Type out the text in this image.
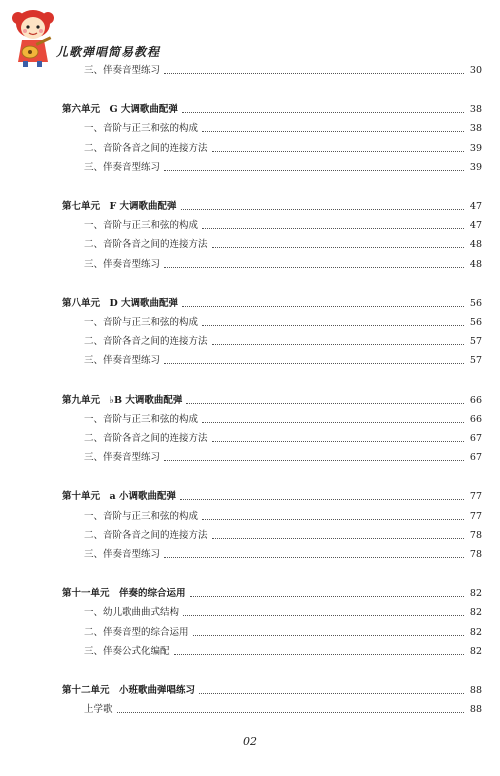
儿歌弹唱简易教程
三、伴奏音型练习	30
第六单元　G 大调歌曲配弹	38
一、音阶与正三和弦的构成	38
二、音阶各音之间的连接方法	39
三、伴奏音型练习	39
第七单元　F 大调歌曲配弹	47
一、音阶与正三和弦的构成	47
二、音阶各音之间的连接方法	48
三、伴奏音型练习	48
第八单元　D 大调歌曲配弹	56
一、音阶与正三和弦的构成	56
二、音阶各音之间的连接方法	57
三、伴奏音型练习	57
第九单元　♭B 大调歌曲配弹	66
一、音阶与正三和弦的构成	66
二、音阶各音之间的连接方法	67
三、伴奏音型练习	67
第十单元　a 小调歌曲配弹	77
一、音阶与正三和弦的构成	77
二、音阶各音之间的连接方法	78
三、伴奏音型练习	78
第十一单元　伴奏的综合运用	82
一、幼儿歌曲曲式结构	82
二、伴奏音型的综合运用	82
三、伴奏公式化编配	82
第十二单元　小班歌曲弹唱练习	88
上学歌	88
02
